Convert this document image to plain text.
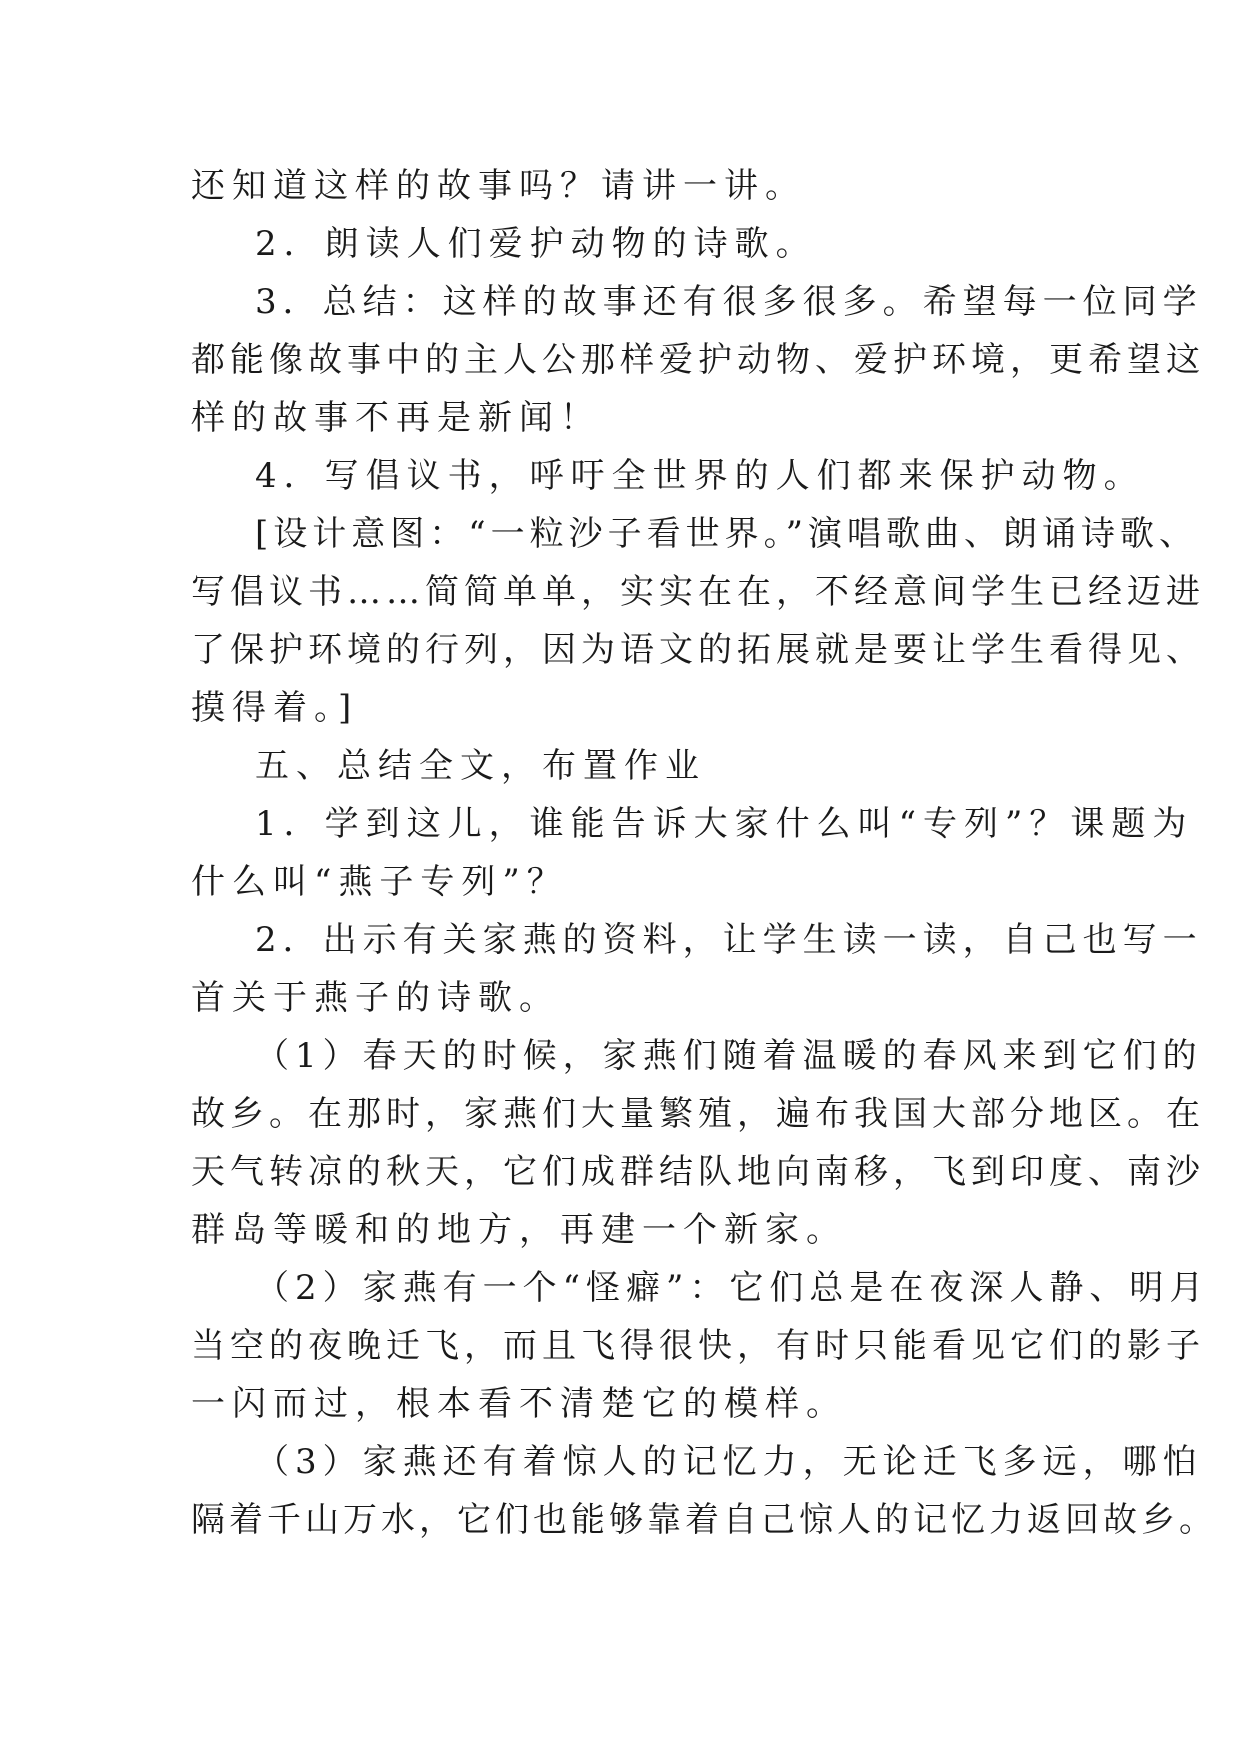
还知道这样的故事吗？请讲一讲。

2．朗读人们爱护动物的诗歌。

3．总结：这样的故事还有很多很多。希望每一位同学

都能像故事中的主人公那样爱护动物、爱护环境，更希望这

样的故事不再是新闻！

4．写倡议书，呼吁全世界的人们都来保护动物。

[设计意图：“一粒沙子看世界。”演唱歌曲、朗诵诗歌、

写倡议书……简简单单，实实在在，不经意间学生已经迈进

了保护环境的行列，因为语文的拓展就是要让学生看得见、

摸得着。]

五、总结全文，布置作业

1．学到这儿，谁能告诉大家什么叫“专列”？课题为

什么叫“燕子专列”？

2．出示有关家燕的资料，让学生读一读，自己也写一

首关于燕子的诗歌。

（1）春天的时候，家燕们随着温暖的春风来到它们的

故乡。在那时，家燕们大量繁殖，遍布我国大部分地区。在

天气转凉的秋天，它们成群结队地向南移，飞到印度、南沙

群岛等暖和的地方，再建一个新家。

（2）家燕有一个“怪癖”：它们总是在夜深人静、明月

当空的夜晚迁飞，而且飞得很快，有时只能看见它们的影子

一闪而过，根本看不清楚它的模样。

（3）家燕还有着惊人的记忆力，无论迁飞多远，哪怕

隔着千山万水，它们也能够靠着自己惊人的记忆力返回故乡。
